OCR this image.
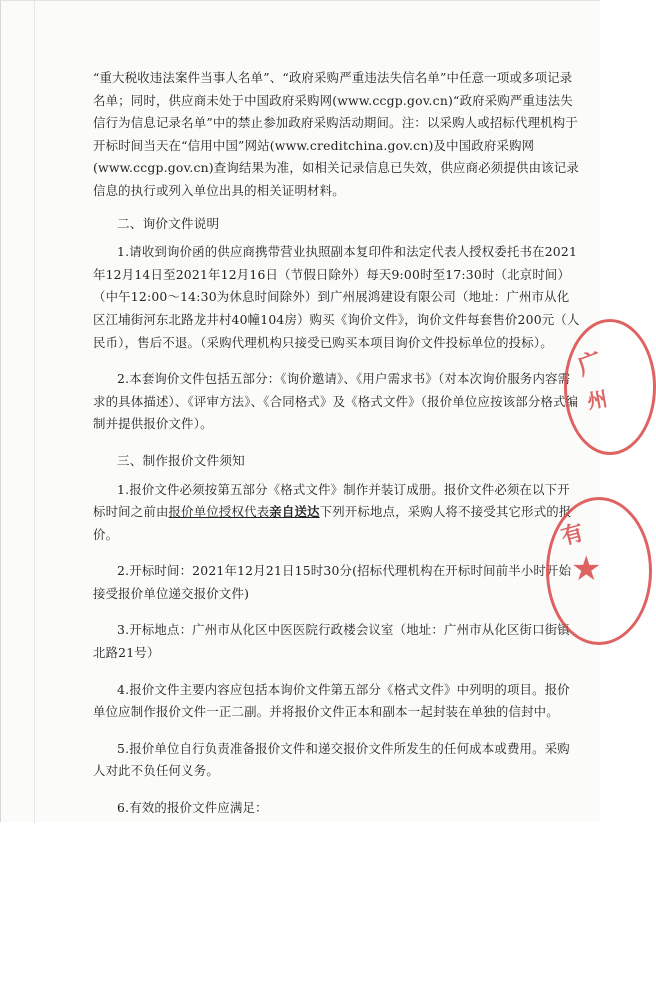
“重大税收违法案件当事人名单”、“政府采购严重违法失信名单”中任意一项或多项记录名单；同时，供应商未处于中国政府采购网(www.ccgp.gov.cn)“政府采购严重违法失信行为信息记录名单”中的禁止参加政府采购活动期间。注：以采购人或招标代理机构于开标时间当天在“信用中国”网站(www.creditchina.gov.cn)及中国政府采购网(www.ccgp.gov.cn)查询结果为准，如相关记录信息已失效，供应商必须提供由该记录信息的执行或列入单位出具的相关证明材料。

二、询价文件说明

1.请收到询价函的供应商携带营业执照副本复印件和法定代表人授权委托书在2021年12月14日至2021年12月16日（节假日除外）每天9:00时至17:30时（北京时间）（中午12:00～14:30为休息时间除外）到广州展鸿建设有限公司（地址：广州市从化区江埔街河东北路龙井村40幢104房）购买《询价文件》，询价文件每套售价200元（人民币），售后不退。（采购代理机构只接受已购买本项目询价文件投标单位的投标）。

2.本套询价文件包括五部分：《询价邀请》、《用户需求书》（对本次询价服务内容需求的具体描述）、《评审方法》、《合同格式》及《格式文件》（报价单位应按该部分格式编制并提供报价文件）。

三、制作报价文件须知

1.报价文件必须按第五部分《格式文件》制作并装订成册。报价文件必须在以下开标时间之前由报价单位授权代表亲自送达下列开标地点，采购人将不接受其它形式的报价。

2.开标时间：2021年12月21日15时30分(招标代理机构在开标时间前半小时开始接受报价单位递交报价文件)

3.开标地点：广州市从化区中医医院行政楼会议室（地址：广州市从化区街口街镇北路21号）

4.报价文件主要内容应包括本询价文件第五部分《格式文件》中列明的项目。报价单位应制作报价文件一正二副。并将报价文件正本和副本一起封装在单独的信封中。

5.报价单位自行负责准备报价文件和递交报价文件所发生的任何成本或费用。采购人对此不负任何义务。

6.有效的报价文件应满足：

广
州
有
★
